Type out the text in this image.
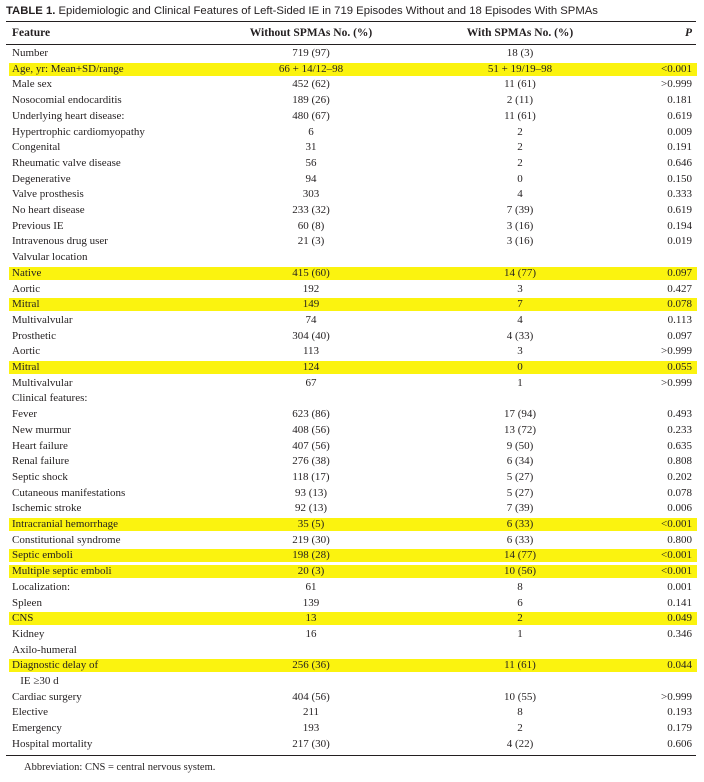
TABLE 1. Epidemiologic and Clinical Features of Left-Sided IE in 719 Episodes Without and 18 Episodes With SPMAs
Feature	Without SPMAs No. (%)	With SPMAs No. (%)	P
Number	719 (97)	18 (3)
Age, yr: Mean+SD/range	66 + 14/12–98	51 + 19/19–98	<0.001
Male sex	452 (62)	11 (61)	>0.999
Nosocomial endocarditis	189 (26)	2 (11)	0.181
Underlying heart disease:	480 (67)	11 (61)	0.619
Hypertrophic cardiomyopathy	6	2	0.009
Congenital	31	2	0.191
Rheumatic valve disease	56	2	0.646
Degenerative	94	0	0.150
Valve prosthesis	303	4	0.333
No heart disease	233 (32)	7 (39)	0.619
Previous IE	60 (8)	3 (16)	0.194
Intravenous drug user	21 (3)	3 (16)	0.019
Valvular location
Native	415 (60)	14 (77)	0.097
Aortic	192	3	0.427
Mitral	149	7	0.078
Multivalvular	74	4	0.113
Prosthetic	304 (40)	4 (33)	0.097
Aortic	113	3	>0.999
Mitral	124	0	0.055
Multivalvular	67	1	>0.999
Clinical features:
Fever	623 (86)	17 (94)	0.493
New murmur	408 (56)	13 (72)	0.233
Heart failure	407 (56)	9 (50)	0.635
Renal failure	276 (38)	6 (34)	0.808
Septic shock	118 (17)	5 (27)	0.202
Cutaneous manifestations	93 (13)	5 (27)	0.078
Ischemic stroke	92 (13)	7 (39)	0.006
Intracranial hemorrhage	35 (5)	6 (33)	<0.001
Constitutional syndrome	219 (30)	6 (33)	0.800
Septic emboli	198 (28)	14 (77)	<0.001
Multiple septic emboli	20 (3)	10 (56)	<0.001
Localization:	61	8	0.001
Spleen	139	6	0.141
CNS	13	2	0.049
Kidney	16	1	0.346
Axilo-humeral
Diagnostic delay of	256 (36)	11 (61)	0.044
IE ≥30 d
Cardiac surgery	404 (56)	10 (55)	>0.999
Elective	211	8	0.193
Emergency	193	2	0.179
Hospital mortality	217 (30)	4 (22)	0.606
Abbreviation: CNS = central nervous system.
